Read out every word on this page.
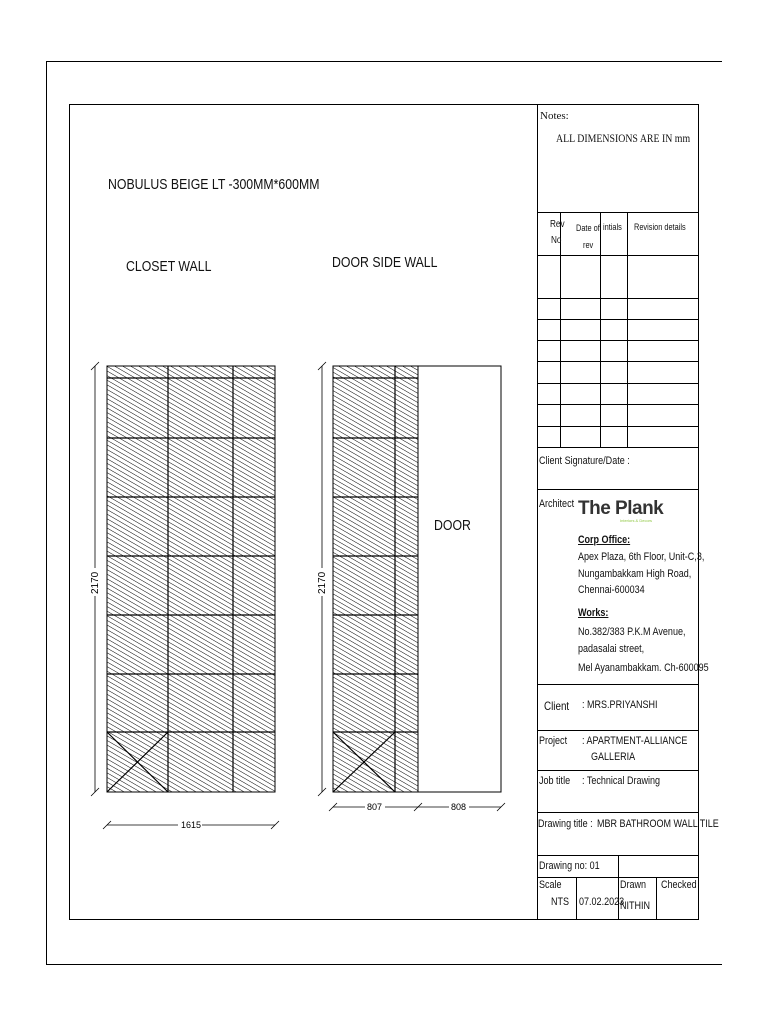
NOBULUS BEIGE LT -300MM*600MM
CLOSET WALL	DOOR SIDE WALL
2170
1615
2170
807	808
DOOR
Notes:
ALL DIMENSIONS ARE IN mm
Rev
No
Date of
rev
intials Revision details
Client Signature/Date :
Architect The Plank
Interiors & Decors
Corp Office:
Apex Plaza, 6th Floor, Unit-C,3,
Nungambakkam High Road,
Chennai-600034
Works:
No.382/383 P.K.M Avenue,
padasalai street,
Mel Ayanambakkam. Ch-600095
Client : MRS.PRIYANSHI
Project : APARTMENT-ALLIANCE
GALLERIA
Job title : Technical Drawing
Drawing title : MBR BATHROOM WALL TILE
Drawing no: 01
Scale
NTS 07.02.2023
Drawn
NITHIN
Checked
